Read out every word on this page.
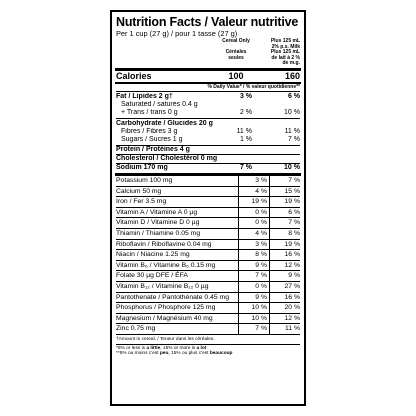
Nutrition Facts / Valeur nutritive
Per 1 cup (27 g) / pour 1 tasse (27 g)
Cereal Only

Céréales
seules
Plus 125 mL
2% p.s. Milk
Plus 125 mL
de lait à 2 %
de m.g.
Calories	100	160
% Daily Value* / % valeur quotidienne**
Fat / Lipides 2 g†	3 %	6 %
Saturated / saturés 0.4 g
+ Trans / trans 0 g	2 %	10 %
Carbohydrate / Glucides 20 g
Fibres / Fibres 3 g	11 %	11 %
Sugars / Sucres 1 g	1 %	7 %
Protein / Protéines 4 g
Cholesterol / Cholestérol 0 mg
Sodium 170 mg	7 %	10 %
Potassium 100 mg	3 %	7 %
Calcium 50 mg	4 %	15 %
Iron / Fer 3.5 mg	19 %	19 %
Vitamin A / Vitamine A 0 µg	0 %	6 %
Vitamin D / Vitamine D 0 µg	0 %	7 %
Thiamin / Thiamine 0.05 mg	4 %	8 %
Riboflavin / Riboflavine 0.04 mg	3 %	19 %
Niacin / Niacine 1.25 mg	8 %	16 %
Vitamin B₆ / Vitamine B₆ 0.15 mg	9 %	12 %
Folate 30 µg DFE / ÉFA	7 %	9 %
Vitamin B₁₂ / Vitamine B₁₂ 0 µg	0 %	27 %
Pantothenate / Pantothénate 0.45 mg	9 %	16 %
Phosphorus / Phosphore 125 mg	10 %	20 %
Magnesium / Magnésium 40 mg	10 %	12 %
Zinc 0.75 mg	7 %	11 %
†Amount in cereal. / Teneur dans les céréales.
*5% or less is a little, 15% or more is a lot
**5% ou moins c'est peu, 15% ou plus c'est beaucoup
